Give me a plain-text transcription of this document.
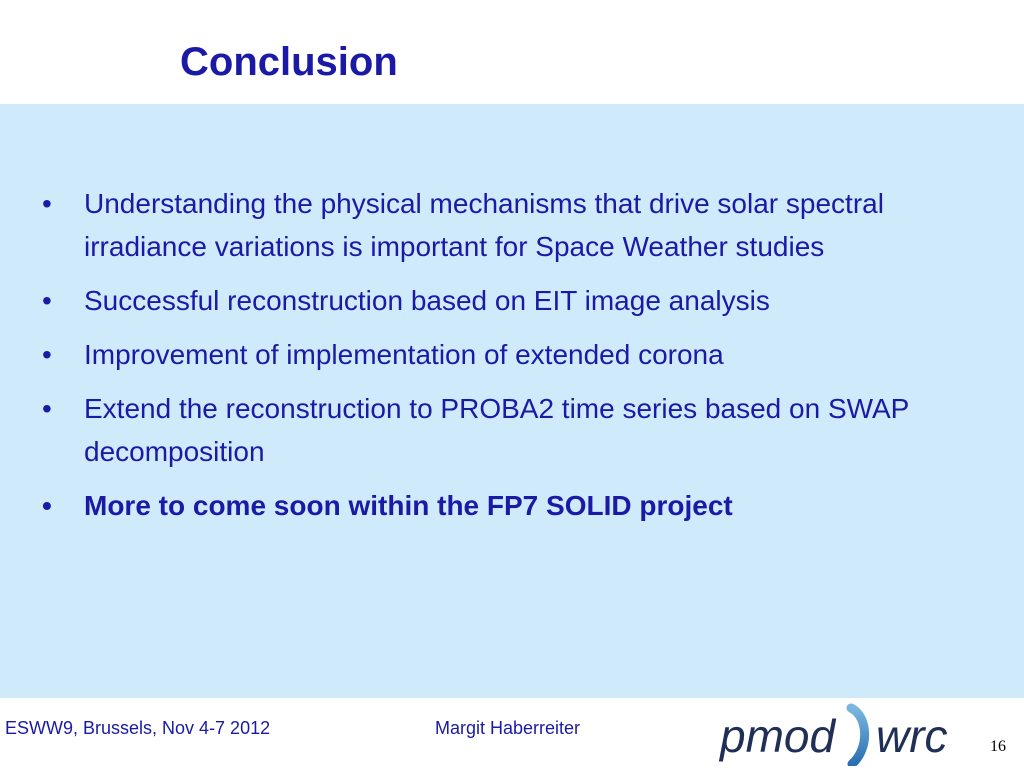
Conclusion
•	Understanding the physical mechanisms that drive solar spectral irradiance variations is important for Space Weather studies
•	Successful reconstruction based on EIT image analysis
•	Improvement of implementation of extended corona
•	Extend the reconstruction to PROBA2 time series based on SWAP decomposition
•	More to come soon within the FP7 SOLID project
ESWW9, Brussels, Nov 4-7 2012	Margit Haberreiter	pmod wrc	16
